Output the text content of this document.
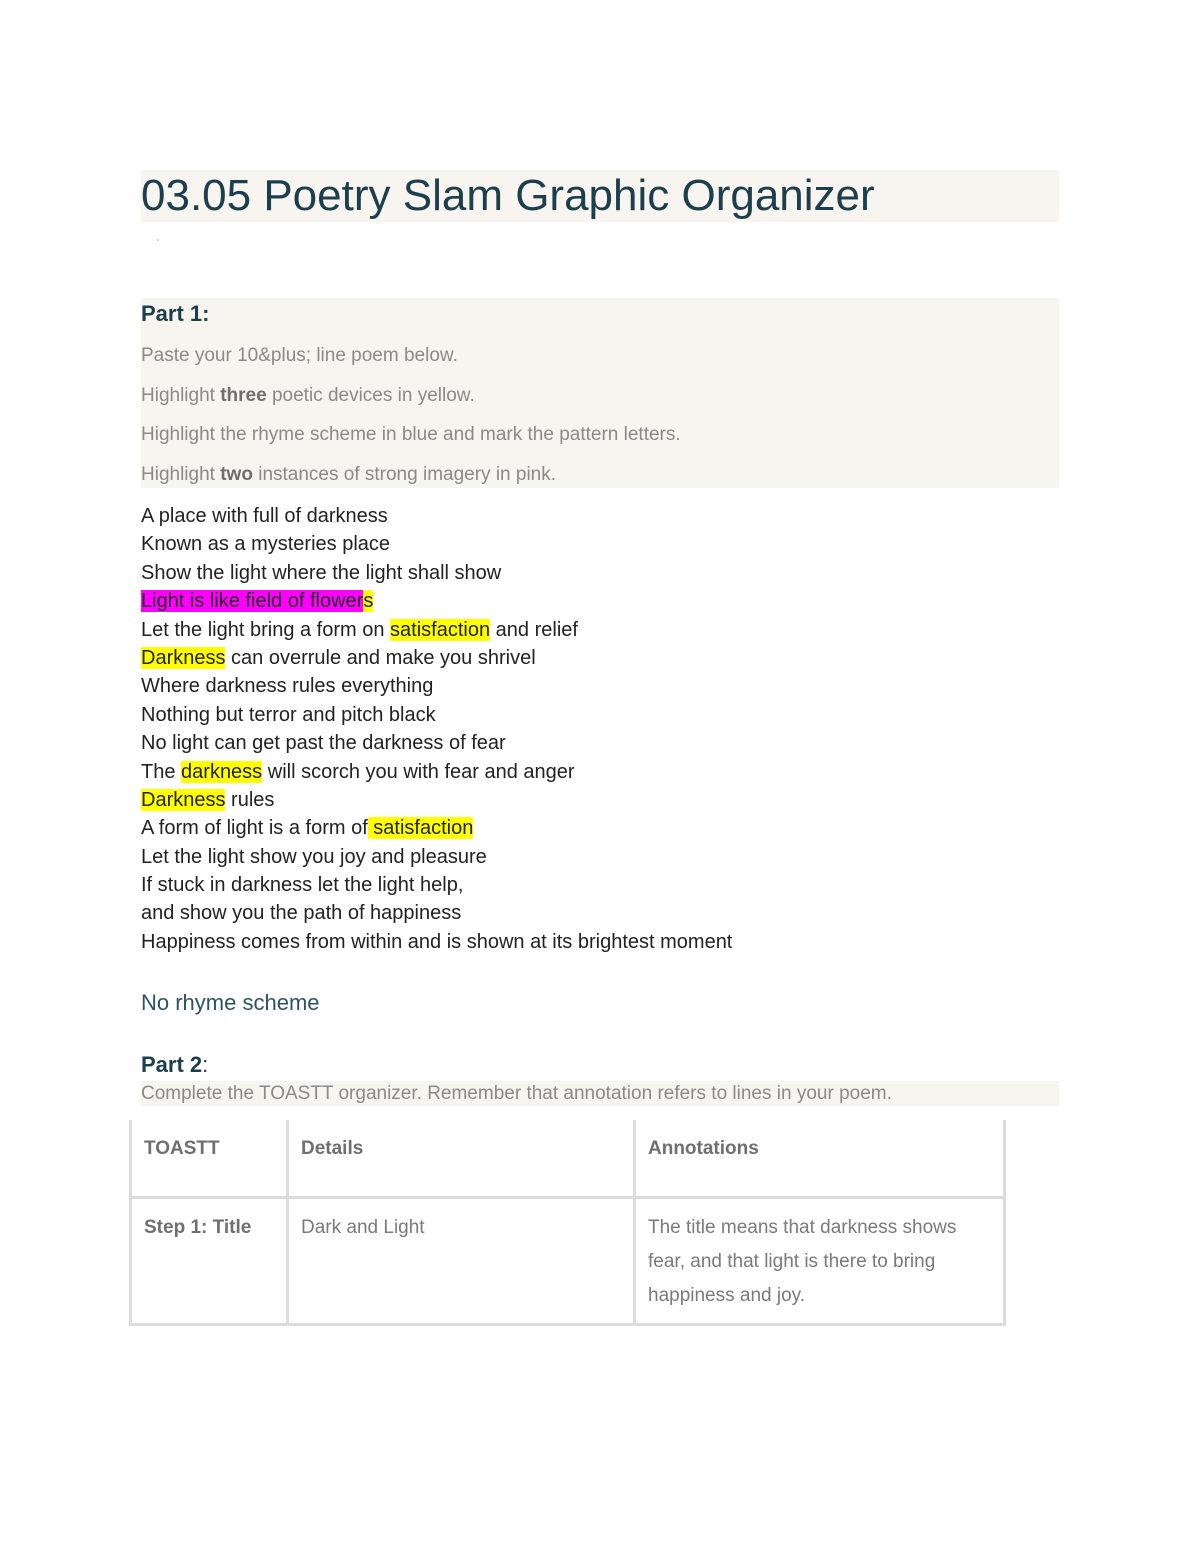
03.05 Poetry Slam Graphic Organizer
'
Part 1:

Paste your 10&plus; line poem below.

Highlight three poetic devices in yellow.

Highlight the rhyme scheme in blue and mark the pattern letters.

Highlight two instances of strong imagery in pink.

A place with full of darkness
Known as a mysteries place
Show the light where the light shall show
Light is like field of flowers
Let the light bring a form on satisfaction and relief
Darkness can overrule and make you shrivel
Where darkness rules everything
Nothing but terror and pitch black
No light can get past the darkness of fear
The darkness will scorch you with fear and anger
Darkness rules
A form of light is a form of satisfaction
Let the light show you joy and pleasure
If stuck in darkness let the light help,
and show you the path of happiness
Happiness comes from within and is shown at its brightest moment

No rhyme scheme

Part 2:

Complete the TOASTT organizer. Remember that annotation refers to lines in your poem.

TOASTT	Details	Annotations
Step 1: Title	Dark and Light	The title means that darkness shows fear, and that light is there to bring happiness and joy.
